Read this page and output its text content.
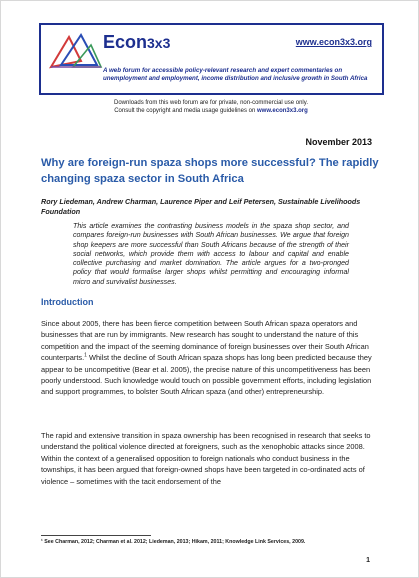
Econ3x3	www.econ3x3.org
A web forum for accessible policy-relevant research and expert commentaries on unemployment and employment, income distribution and inclusive growth in South Africa
Downloads from this web forum are for private, non-commercial use only.
Consult the copyright and media usage guidelines on www.econ3x3.org
November 2013
Why are foreign-run spaza shops more successful? The rapidly changing spaza sector in South Africa
Rory Liedeman, Andrew Charman, Laurence Piper and Leif Petersen, Sustainable Livelihoods Foundation
This article examines the contrasting business models in the spaza shop sector, and compares foreign-run businesses with South African businesses. We argue that foreign shop keepers are more successful than South Africans because of the strength of their social networks, which provide them with access to labour and capital and enable collective purchasing and market domination. The article argues for a two-pronged policy that would formalise larger shops whilst permitting and encouraging informal micro and survivalist businesses.
Introduction
Since about 2005, there has been fierce competition between South African spaza operators and businesses that are run by immigrants. New research has sought to understand the nature of this competition and the impact of the seeming dominance of foreign businesses over their South African counterparts.$^1$ Whilst the decline of South African spaza shops has long been predicted because they appear to be uncompetitive (Bear et al. 2005), the precise nature of this uncompetitiveness has been poorly understood. Such knowledge would touch on possible government efforts, including legislation and support programmes, to bolster South African spaza (and other) entrepreneurship.
The rapid and extensive transition in spaza ownership has been recognised in research that seeks to understand the political violence directed at foreigners, such as the xenophobic attacks since 2008. Within the context of a generalised opposition to foreign nationals who conduct business in the townships, it has been argued that foreign-owned shops have been targeted in co-ordinated acts of violence – sometimes with the tacit endorsement of the
¹ See Charman, 2012; Charman et al. 2012; Liedeman, 2013; Hikam, 2011; Knowledge Link Services, 2009.
1
